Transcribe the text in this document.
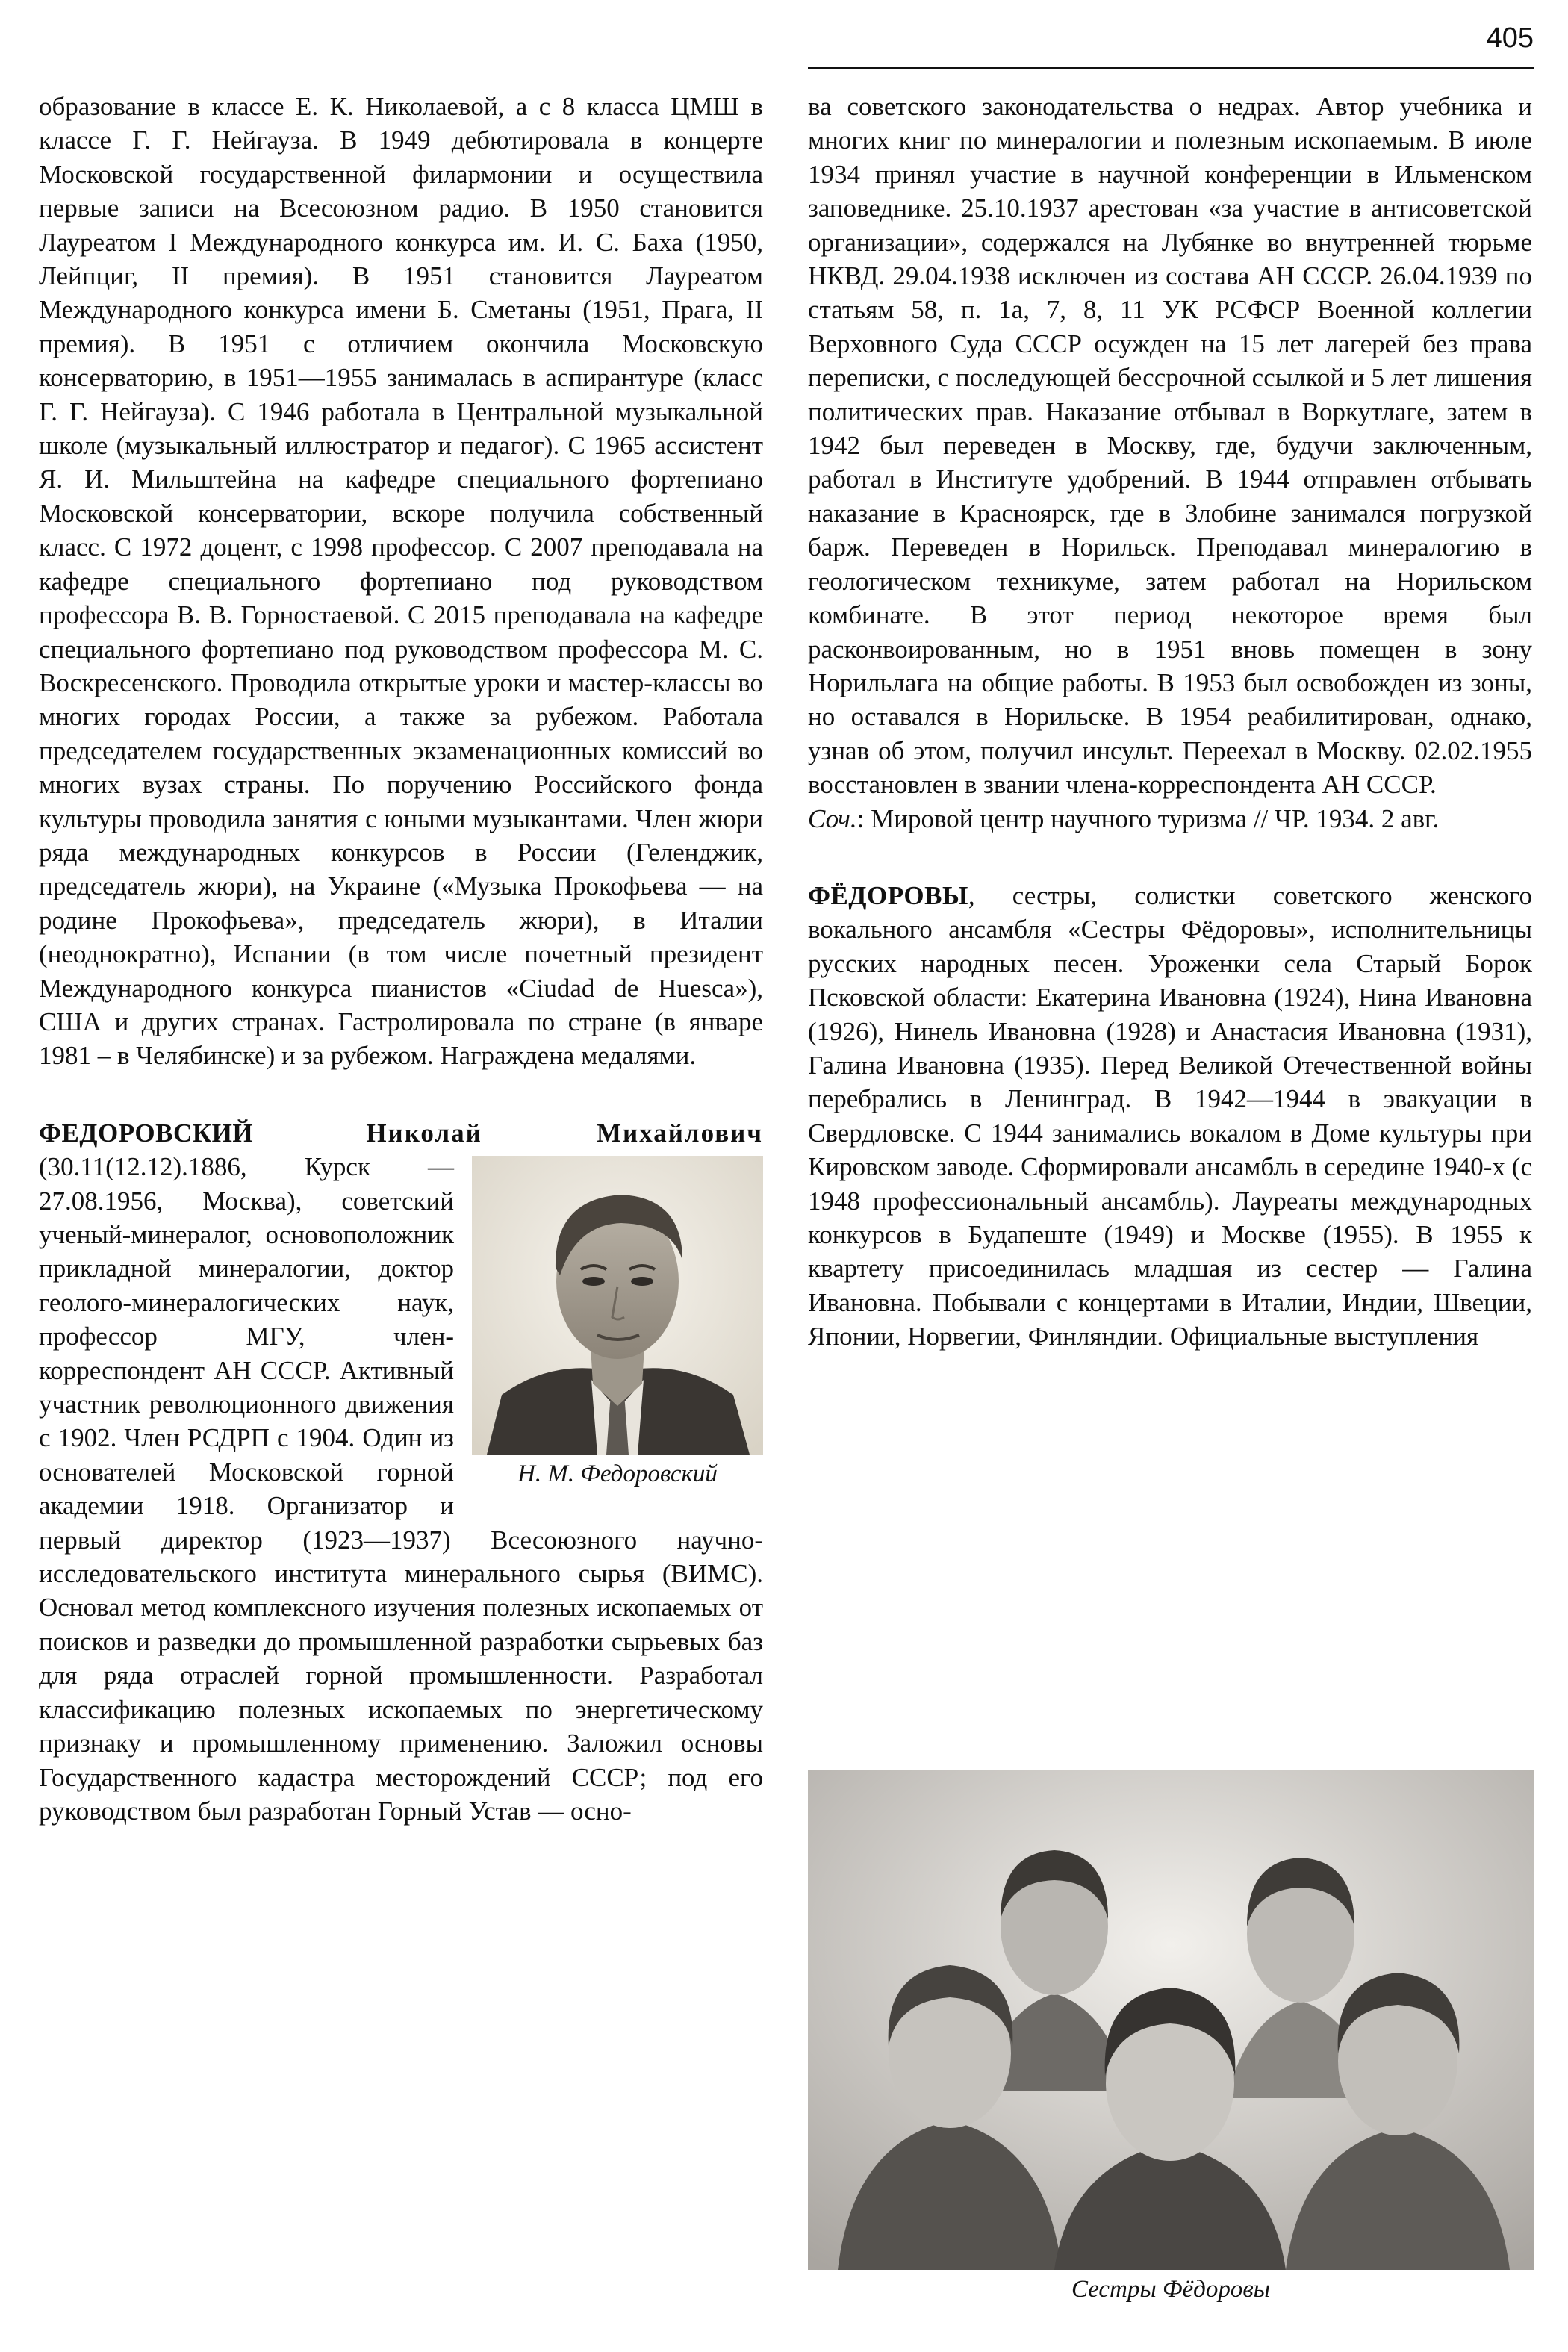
405

образование в классе Е. К. Николаевой, а с 8 класса ЦМШ в классе Г. Г. Нейгауза. В 1949 дебютировала в концерте Московской государственной филармонии и осуществила первые записи на Всесоюзном радио. В 1950 становится Лауреатом I Международного конкурса им. И. С. Баха (1950, Лейпциг, II премия). В 1951 становится Лауреатом Международного конкурса имени Б. Сметаны (1951, Прага, II премия). В 1951 с отличием окончила Московскую консерваторию, в 1951—1955 занималась в аспирантуре (класс Г. Г. Нейгауза). С 1946 работала в Центральной музыкальной школе (музыкальный иллюстратор и педагог). С 1965 ассистент Я. И. Мильштейна на кафедре специального фортепиано Московской консерватории, вскоре получила собственный класс. С 1972 доцент, с 1998 профессор. С 2007 преподавала на кафедре специального фортепиано под руководством профессора В. В. Горностаевой. С 2015 преподавала на кафедре специального фортепиано под руководством профессора М. С. Воскресенского. Проводила открытые уроки и мастер-классы во многих городах России, а также за рубежом. Работала председателем государственных экзаменационных комиссий во многих вузах страны. По поручению Российского фонда культуры проводила занятия с юными музыкантами. Член жюри ряда международных конкурсов в России (Геленджик, председатель жюри), на Украине («Музыка Прокофьева — на родине Прокофьева», председатель жюри), в Италии (неоднократно), Испании (в том числе почетный президент Международного конкурса пианистов «Ciudad de Huesca»), США и других странах. Гастролировала по стране (в январе 1981 – в Челябинске) и за рубежом. Награждена медалями.

ФЕДОРОВСКИЙ	Николай Михайлович
Н. М. Федоровский
(30.11(12.12).1886, Курск — 27.08.1956, Москва), советский ученый-минералог, основоположник прикладной минералогии, доктор геолого-минералогических наук, профессор МГУ, член-корреспондент АН СССР. Активный участник революционного движения с 1902. Член РСДРП с 1904. Один из основателей Московской горной академии 1918. Организатор и первый директор (1923—1937) Всесоюзного научно-исследовательского института минерального сырья (ВИМС). Основал метод комплексного изучения полезных ископаемых от поисков и разведки до промышленной разработки сырьевых баз для ряда отраслей горной промышленности. Разработал классификацию полезных ископаемых по энергетическому признаку и промышленному применению. Заложил основы Государственного кадастра месторождений СССР; под его руководством был разработан Горный Устав — осно-

ва советского законодательства о недрах. Автор учебника и многих книг по минералогии и полезным ископаемым. В июле 1934 принял участие в научной конференции в Ильменском заповеднике. 25.10.1937 арестован «за участие в антисоветской организации», содержался на Лубянке во внутренней тюрьме НКВД. 29.04.1938 исключен из состава АН СССР. 26.04.1939 по статьям 58, п. 1а, 7, 8, 11 УК РСФСР Военной коллегии Верховного Суда СССР осужден на 15 лет лагерей без права переписки, с последующей бессрочной ссылкой и 5 лет лишения политических прав. Наказание отбывал в Воркутлаге, затем в 1942 был переведен в Москву, где, будучи заключенным, работал в Институте удобрений. В 1944 отправлен отбывать наказание в Красноярск, где в Злобине занимался погрузкой барж. Переведен в Норильск. Преподавал минералогию в геологическом техникуме, затем работал на Норильском комбинате. В этот период некоторое время был расконвоированным, но в 1951 вновь помещен в зону Норильлага на общие работы. В 1953 был освобожден из зоны, но оставался в Норильске. В 1954 реабилитирован, однако, узнав об этом, получил инсульт. Переехал в Москву. 02.02.1955 восстановлен в звании члена-корреспондента АН СССР.

Соч.: Мировой центр научного туризма // ЧР. 1934. 2 авг.

ФЁДОРОВЫ, сестры, солистки советского женского вокального ансамбля «Сестры Фёдоровы», исполнительницы русских народных песен. Уроженки села Старый Борок Псковской области: Екатерина Ивановна (1924), Нина Ивановна (1926), Нинель Ивановна (1928) и Анастасия Ивановна (1931), Галина Ивановна (1935). Перед Великой Отечественной войны перебрались в Ленинград. В 1942—1944 в эвакуации в Свердловске. С 1944 занимались вокалом в Доме культуры при Кировском заводе. Сформировали ансамбль в середине 1940-х (с 1948 профессиональный ансамбль). Лауреаты международных конкурсов в Будапеште (1949) и Москве (1955). В 1955 к квартету присоединилась младшая из сестер — Галина Ивановна. Побывали с концертами в Италии, Индии, Швеции, Японии, Норвегии, Финляндии. Официальные выступления

Сестры Фёдоровы
